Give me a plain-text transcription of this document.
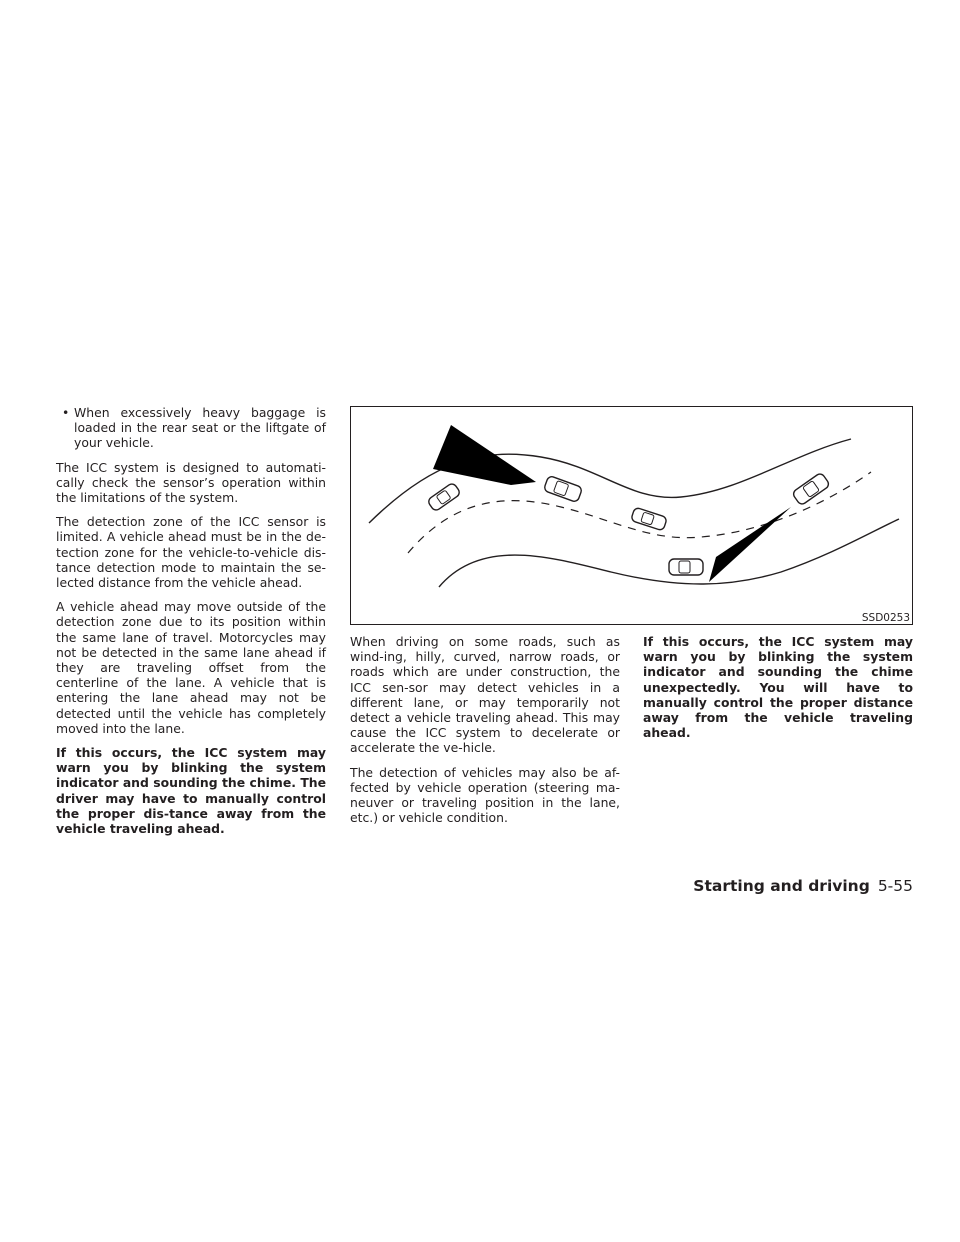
• When excessively heavy baggage is loaded in the rear seat or the liftgate of your vehicle.

The ICC system is designed to automati-cally check the sensor’s operation within the limitations of the system.

The detection zone of the ICC sensor is limited. A vehicle ahead must be in the de-tection zone for the vehicle-to-vehicle dis-tance detection mode to maintain the se-lected distance from the vehicle ahead.

A vehicle ahead may move outside of the detection zone due to its position within the same lane of travel. Motorcycles may not be detected in the same lane ahead if they are traveling offset from the centerline of the lane. A vehicle that is entering the lane ahead may not be detected until the vehicle has completely moved into the lane.

If this occurs, the ICC system may warn you by blinking the system indicator and sounding the chime. The driver may have to manually control the proper dis-tance away from the vehicle traveling ahead.

SSD0253

When driving on some roads, such as wind-ing, hilly, curved, narrow roads, or roads which are under construction, the ICC sen-sor may detect vehicles in a different lane, or may temporarily not detect a vehicle traveling ahead. This may cause the ICC system to decelerate or accelerate the ve-hicle.

The detection of vehicles may also be af-fected by vehicle operation (steering ma-neuver or traveling position in the lane, etc.) or vehicle condition.

If this occurs, the ICC system may warn you by blinking the system indicator and sounding the chime unexpectedly. You will have to manually control the proper distance away from the vehicle traveling ahead.

Starting and driving 5-55
